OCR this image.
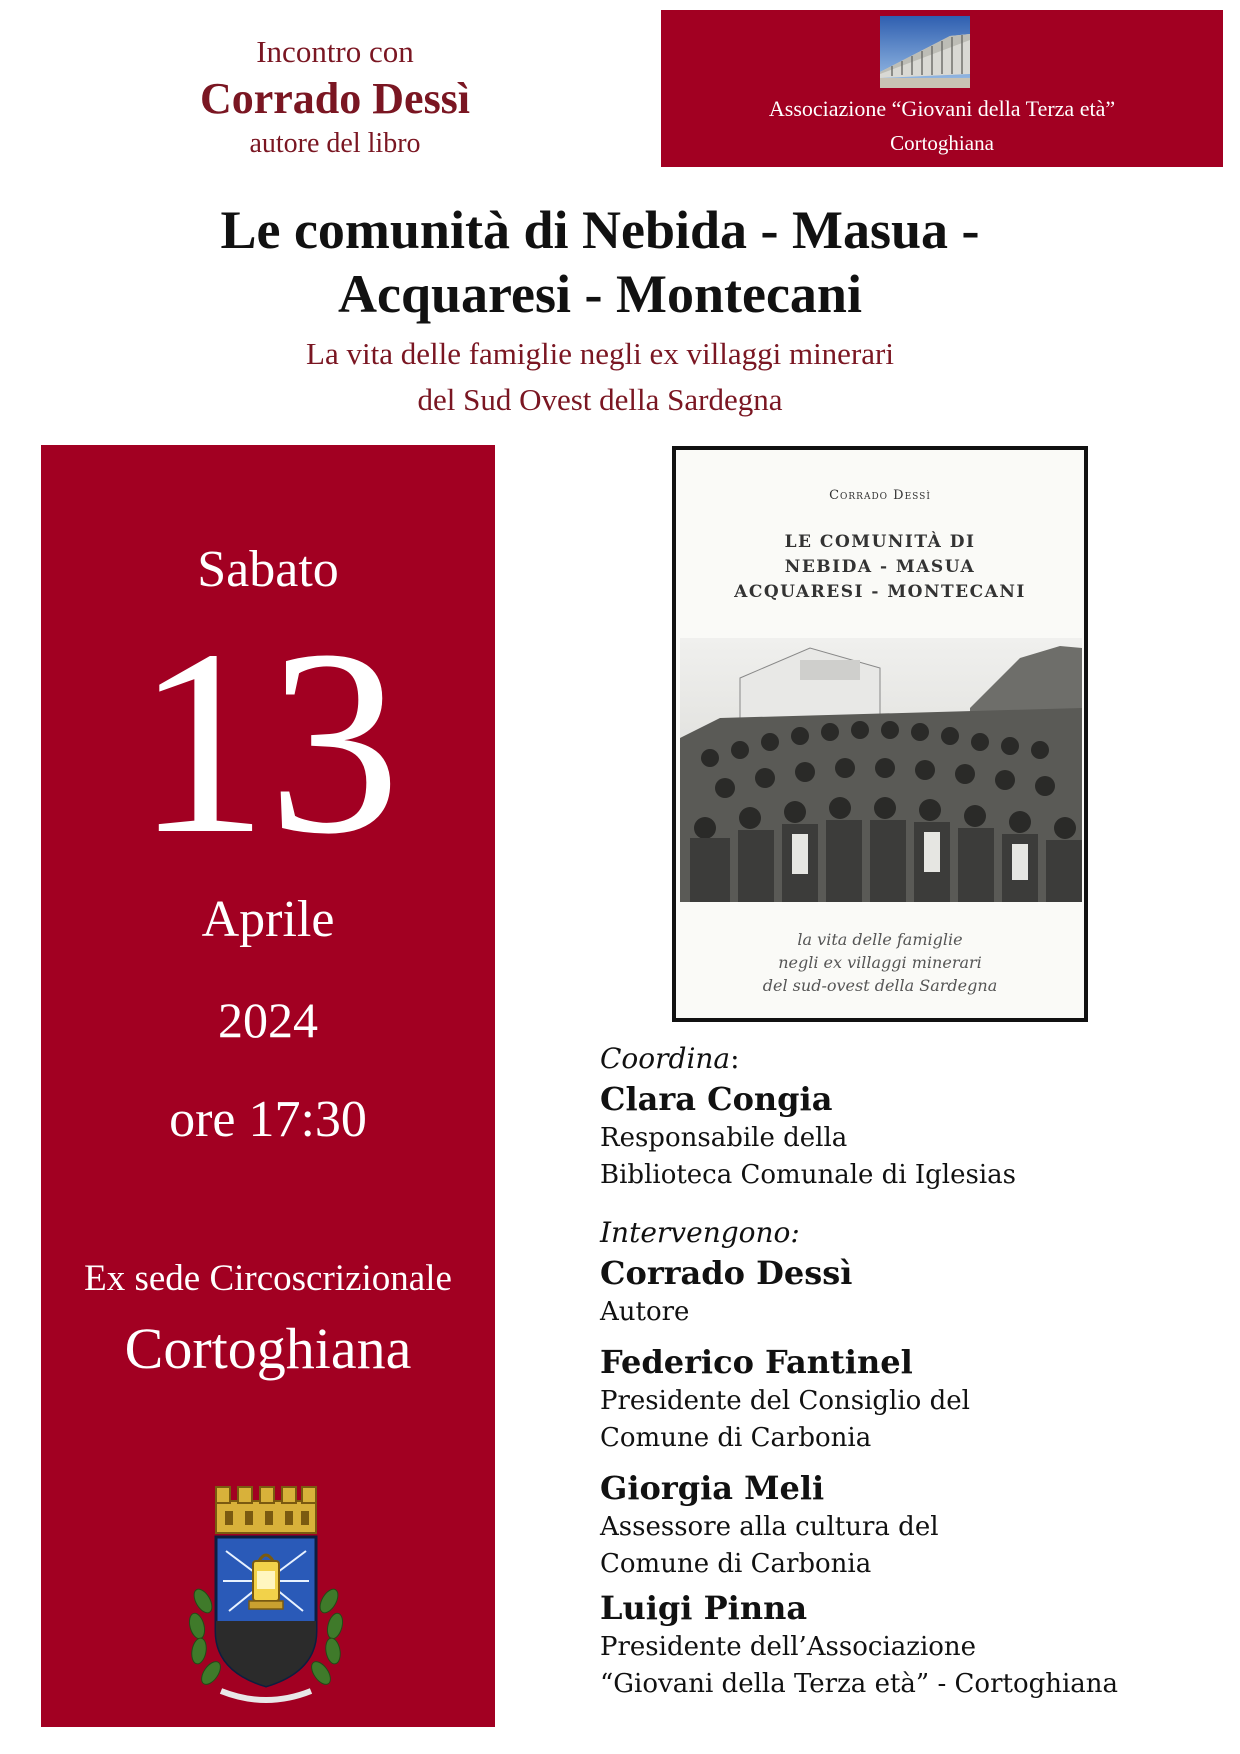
Incontro con
Corrado Dessì
autore del libro
Associazione “Giovani della Terza età”
Cortoghiana
Le comunità di Nebida - Masua -
Acquaresi - Montecani
La vita delle famiglie negli ex villaggi minerari
del Sud Ovest della Sardegna
Sabato
13
Aprile
2024
ore 17:30
Ex sede Circoscrizionale
Cortoghiana
Corrado Dessì
LE COMUNITÀ DI
NEBIDA - MASUA
ACQUARESI - MONTECANI
la vita delle famiglie
negli ex villaggi minerari
del sud-ovest della Sardegna
Coordina:
Clara Congia
Responsabile della
Biblioteca Comunale di Iglesias
Intervengono:
Corrado Dessì
Autore
Federico Fantinel
Presidente del Consiglio del
Comune di Carbonia
Giorgia Meli
Assessore alla cultura del
Comune di Carbonia
Luigi Pinna
Presidente dell’Associazione
“Giovani della Terza età” - Cortoghiana
